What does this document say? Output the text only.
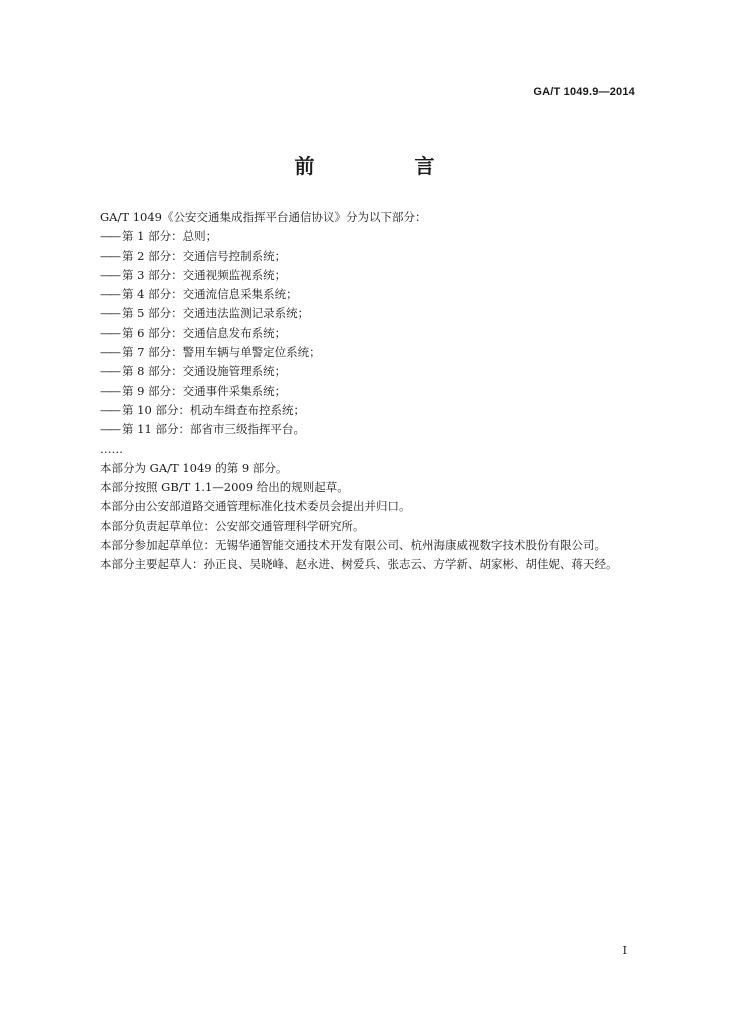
GA/T 1049.9—2014
前　言
GA/T 1049《公安交通集成指挥平台通信协议》分为以下部分：
—— 第 1 部分：总则；
—— 第 2 部分：交通信号控制系统；
—— 第 3 部分：交通视频监视系统；
—— 第 4 部分：交通流信息采集系统；
—— 第 5 部分：交通违法监测记录系统；
—— 第 6 部分：交通信息发布系统；
—— 第 7 部分：警用车辆与单警定位系统；
—— 第 8 部分：交通设施管理系统；
—— 第 9 部分：交通事件采集系统；
—— 第 10 部分：机动车缉查布控系统；
—— 第 11 部分：部省市三级指挥平台。
……
本部分为 GA/T 1049 的第 9 部分。
本部分按照 GB/T 1.1—2009 给出的规则起草。
本部分由公安部道路交通管理标准化技术委员会提出并归口。
本部分负责起草单位：公安部交通管理科学研究所。
本部分参加起草单位：无锡华通智能交通技术开发有限公司、杭州海康威视数字技术股份有限公司。
本部分主要起草人：孙正良、吴晓峰、赵永进、树爱兵、张志云、方学新、胡家彬、胡佳妮、蒋天经。
I
